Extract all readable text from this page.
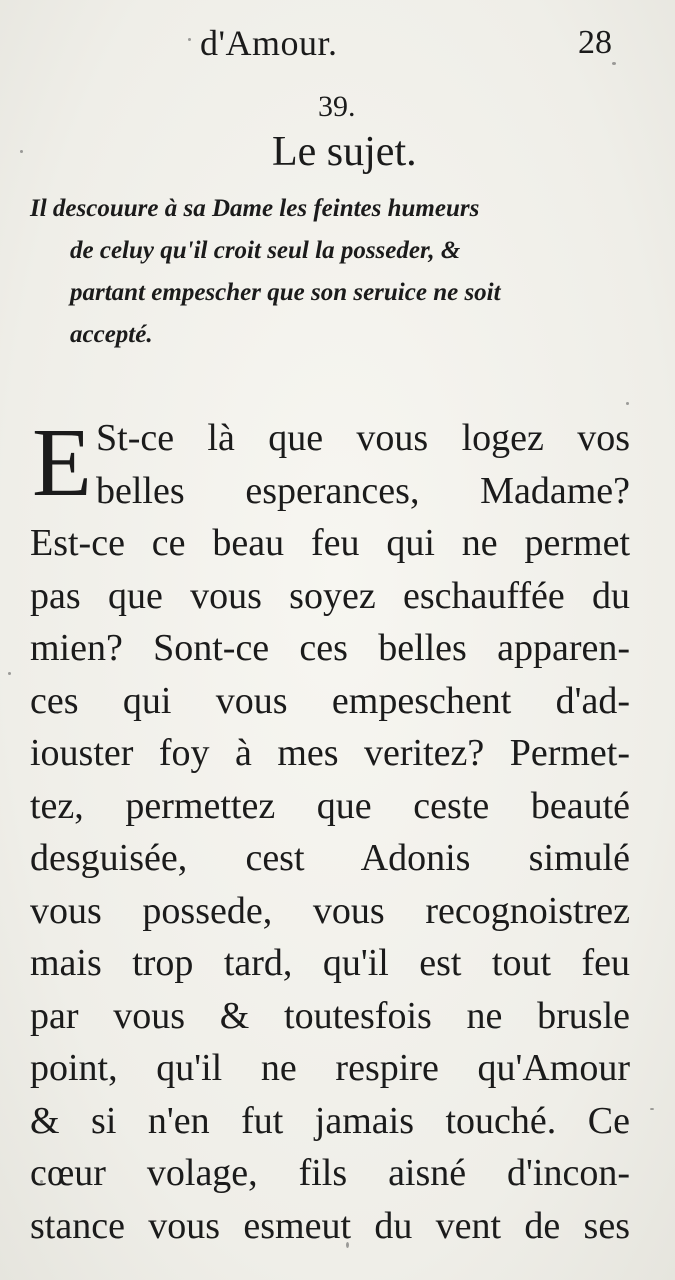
d'Amour.	28
39.
Le sujet.
Il descouure à sa Dame les feintes humeurs
de celuy qu'il croit seul la posseder, &
partant empescher que son seruice ne soit
accepté.
E St-ce là que vous logez vos
belles esperances, Madame?
Est-ce ce beau feu qui ne permet
pas que vous soyez eschauffée du
mien? Sont-ce ces belles apparen-
ces qui vous empeschent d'ad-
iouster foy à mes veritez? Permet-
tez, permettez que ceste beauté
desguisée, cest Adonis simulé
vous possede, vous recognoistrez
mais trop tard, qu'il est tout feu
par vous & toutesfois ne brusle
point, qu'il ne respire qu'Amour
& si n'en fut jamais touché. Ce
cœur volage, fils aisné d'incon-
stance vous esmeut du vent de ses
